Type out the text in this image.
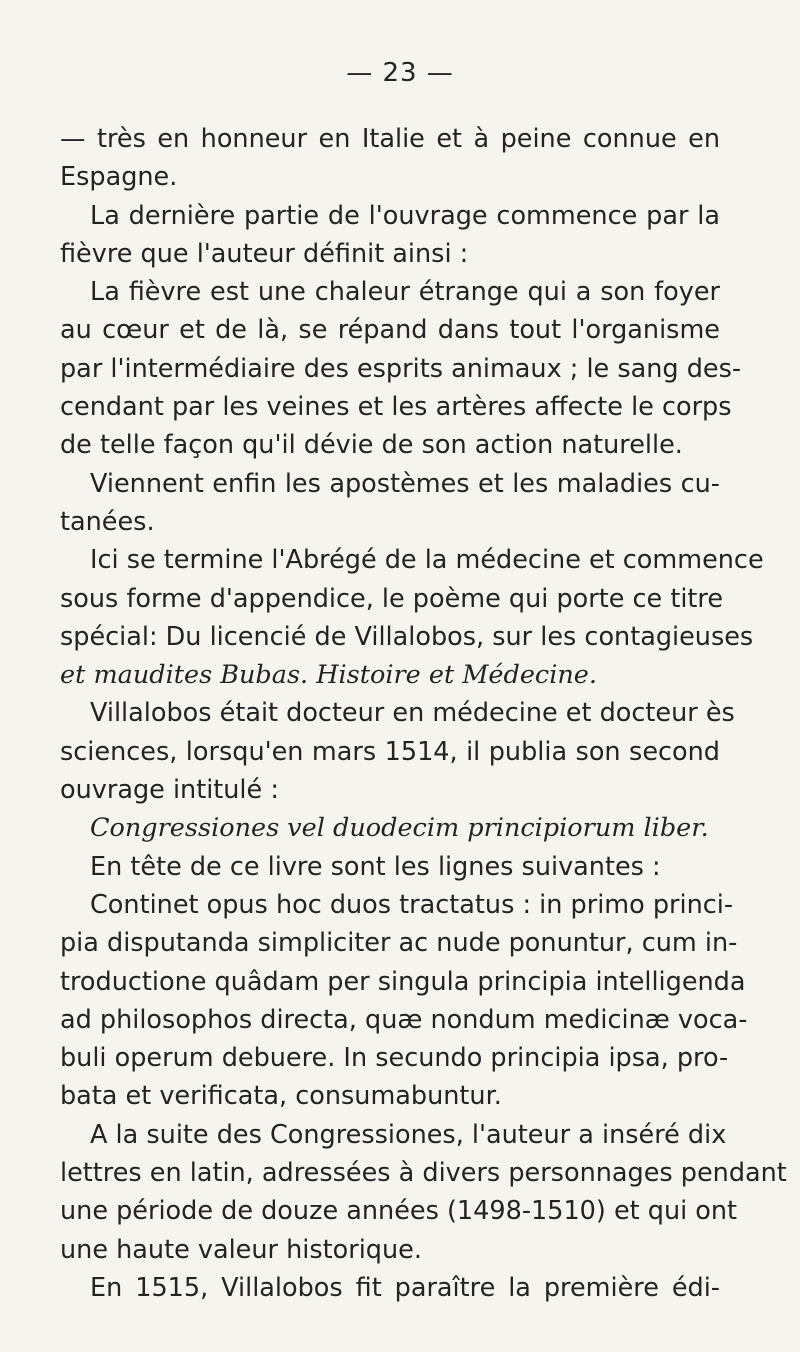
— 23 —
— très en honneur en Italie et à peine connue en
Espagne.
La dernière partie de l'ouvrage commence par la
fièvre que l'auteur définit ainsi :
La fièvre est une chaleur étrange qui a son foyer
au cœur et de là, se répand dans tout l'organisme
par l'intermédiaire des esprits animaux ; le sang des-
cendant par les veines et les artères affecte le corps
de telle façon qu'il dévie de son action naturelle.
Viennent enfin les apostèmes et les maladies cu-
tanées.
Ici se termine l'Abrégé de la médecine et commence
sous forme d'appendice, le poème qui porte ce titre
spécial: Du licencié de Villalobos, sur les contagieuses
et maudites Bubas. Histoire et Médecine.
Villalobos était docteur en médecine et docteur ès
sciences, lorsqu'en mars 1514, il publia son second
ouvrage intitulé :
Congressiones vel duodecim principiorum liber.
En tête de ce livre sont les lignes suivantes :
Continet opus hoc duos tractatus : in primo princi-
pia disputanda simpliciter ac nude ponuntur, cum in-
troductione quâdam per singula principia intelligenda
ad philosophos directa, quæ nondum medicinæ voca-
buli operum debuere. In secundo principia ipsa, pro-
bata et verificata, consumabuntur.
A la suite des Congressiones, l'auteur a inséré dix
lettres en latin, adressées à divers personnages pendant
une période de douze années (1498-1510) et qui ont
une haute valeur historique.
En 1515, Villalobos fit paraître la première édi-
